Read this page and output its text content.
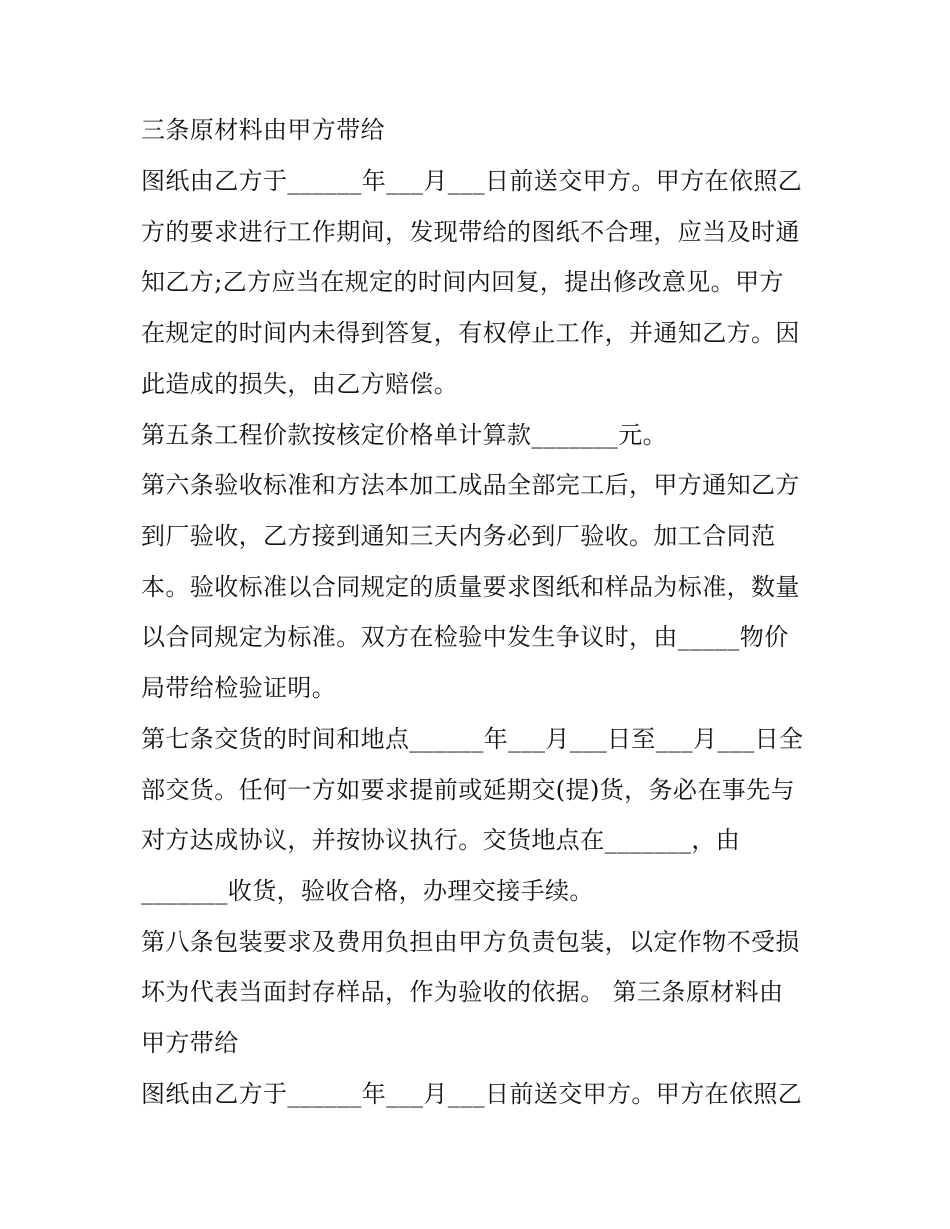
三条原材料由甲方带给

图纸由乙方于______年___月___日前送交甲方。甲方在依照乙

方的要求进行工作期间，发现带给的图纸不合理，应当及时通

知乙方;乙方应当在规定的时间内回复，提出修改意见。甲方

在规定的时间内未得到答复，有权停止工作，并通知乙方。因

此造成的损失，由乙方赔偿。

第五条工程价款按核定价格单计算款_______元。

第六条验收标准和方法本加工成品全部完工后，甲方通知乙方

到厂验收，乙方接到通知三天内务必到厂验收。加工合同范

本。验收标准以合同规定的质量要求图纸和样品为标准，数量

以合同规定为标准。双方在检验中发生争议时，由_____物价

局带给检验证明。

第七条交货的时间和地点______年___月___日至___月___日全

部交货。任何一方如要求提前或延期交(提)货，务必在事先与

对方达成协议，并按协议执行。交货地点在_______，由

_______收货，验收合格，办理交接手续。

第八条包装要求及费用负担由甲方负责包装，以定作物不受损

坏为代表当面封存样品，作为验收的依据。 第三条原材料由

甲方带给

图纸由乙方于______年___月___日前送交甲方。甲方在依照乙
